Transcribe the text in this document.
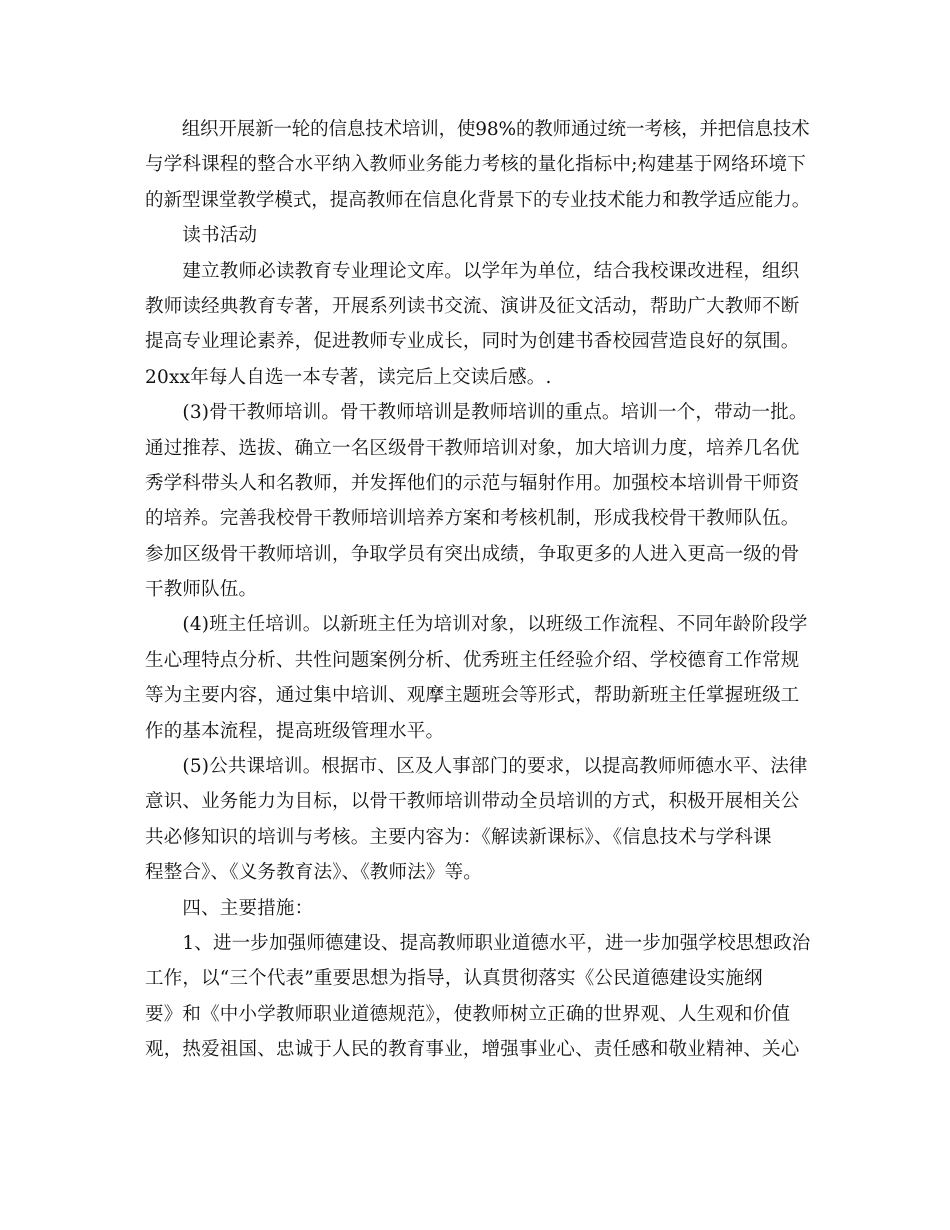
　　组织开展新一轮的信息技术培训，使98%的教师通过统一考核，并把信息技术
与学科课程的整合水平纳入教师业务能力考核的量化指标中;构建基于网络环境下
的新型课堂教学模式，提高教师在信息化背景下的专业技术能力和教学适应能力。
　　读书活动
　　建立教师必读教育专业理论文库。以学年为单位，结合我校课改进程，组织
教师读经典教育专著，开展系列读书交流、演讲及征文活动，帮助广大教师不断
提高专业理论素养，促进教师专业成长，同时为创建书香校园营造良好的氛围。
20xx年每人自选一本专著，读完后上交读后感。.
　　(3)骨干教师培训。骨干教师培训是教师培训的重点。培训一个，带动一批。
通过推荐、选拔、确立一名区级骨干教师培训对象，加大培训力度，培养几名优
秀学科带头人和名教师，并发挥他们的示范与辐射作用。加强校本培训骨干师资
的培养。完善我校骨干教师培训培养方案和考核机制，形成我校骨干教师队伍。
参加区级骨干教师培训，争取学员有突出成绩，争取更多的人进入更高一级的骨
干教师队伍。
　　(4)班主任培训。以新班主任为培训对象，以班级工作流程、不同年龄阶段学
生心理特点分析、共性问题案例分析、优秀班主任经验介绍、学校德育工作常规
等为主要内容，通过集中培训、观摩主题班会等形式，帮助新班主任掌握班级工
作的基本流程，提高班级管理水平。
　　(5)公共课培训。根据市、区及人事部门的要求，以提高教师师德水平、法律
意识、业务能力为目标，以骨干教师培训带动全员培训的方式，积极开展相关公
共必修知识的培训与考核。主要内容为：《解读新课标》、《信息技术与学科课
程整合》、《义务教育法》、《教师法》等。
　　四、主要措施：
　　1、进一步加强师德建设、提高教师职业道德水平，进一步加强学校思想政治
工作，以“三个代表”重要思想为指导，认真贯彻落实《公民道德建设实施纲
要》和《中小学教师职业道德规范》，使教师树立正确的世界观、人生观和价值
观，热爱祖国、忠诚于人民的教育事业，增强事业心、责任感和敬业精神、关心
